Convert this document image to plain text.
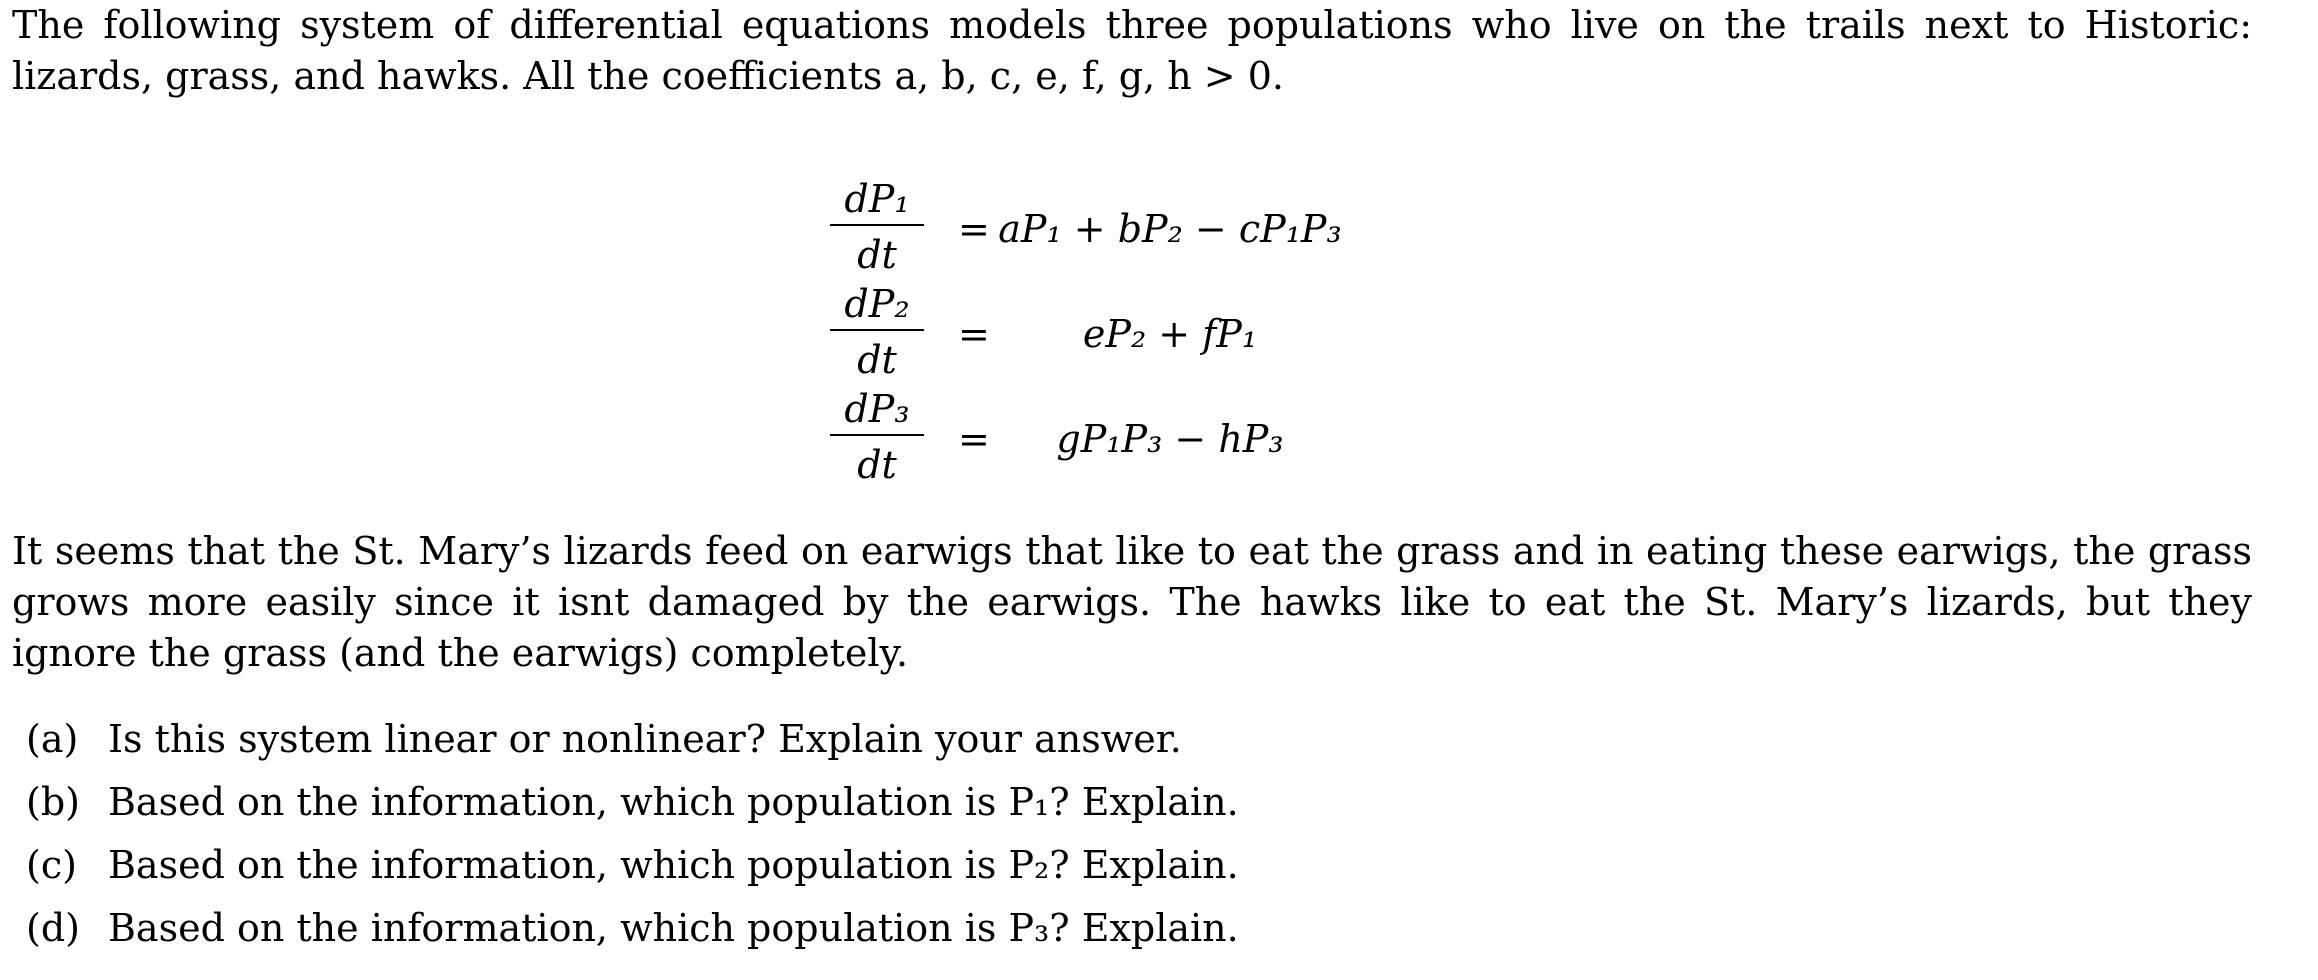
The following system of differential equations models three populations who live on the trails next to Historic: lizards, grass, and hawks. All the coefficients a, b, c, e, f, g, h > 0.

dP₁
dt
= aP₁ + bP₂ − cP₁P₃
dP₂
dt
=	eP₂ + fP₁
dP₃
dt
=	gP₁P₃ − hP₃

It seems that the St. Mary’s lizards feed on earwigs that like to eat the grass and in eating these earwigs, the grass grows more easily since it isnt damaged by the earwigs. The hawks like to eat the St. Mary’s lizards, but they ignore the grass (and the earwigs) completely.

(a) Is this system linear or nonlinear? Explain your answer.
(b) Based on the information, which population is P₁? Explain.
(c) Based on the information, which population is P₂? Explain.
(d) Based on the information, which population is P₃? Explain.
